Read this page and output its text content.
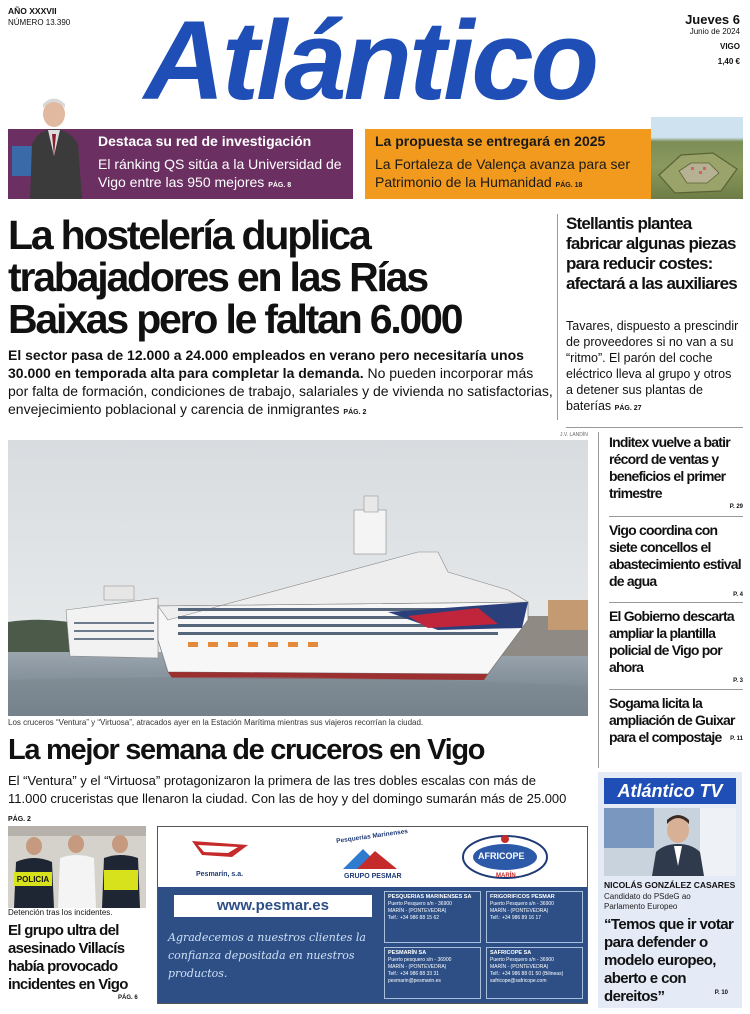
AÑO XXXVII
NÚMERO 13.390 Atlántico	Jueves 6
Junio de 2024
VIGO
1,40 €
Destaca su red de investigación
El ránking QS sitúa a la Universidad de Vigo entre las 950 mejores PÁG. 8
La propuesta se entregará en 2025
La Fortaleza de Valença avanza para ser Patrimonio de la Humanidad PÁG. 18
La hostelería duplica trabajadores en las Rías Baixas pero le faltan 6.000
El sector pasa de 12.000 a 24.000 empleados en verano pero necesitaría unos 30.000 en temporada alta para completar la demanda. No pueden incorporar más por falta de formación, condiciones de trabajo, salariales y de vivienda no satisfactorias, envejecimiento poblacional y carencia de inmigrantes PÁG. 2
Stellantis plantea fabricar algunas piezas para reducir costes: afectará a las auxiliares
Tavares, dispuesto a prescindir de proveedores si no van a su “ritmo”. El parón del coche eléctrico lleva al grupo y otros a detener sus plantas de baterías PÁG. 27
J.V. LANDÍN
Los cruceros “Ventura” y “Virtuosa”, atracados ayer en la Estación Marítima mientras sus viajeros recorrían la ciudad.
La mejor semana de cruceros en Vigo
El “Ventura” y el “Virtuosa” protagonizaron la primera de las tres dobles escalas con más de 11.000 cruceristas que llenaron la ciudad. Con las de hoy y del domingo sumarán más de 25.000 PÁG. 2
Inditex vuelve a batir récord de ventas y beneficios el primer trimestre
P. 29
Vigo coordina con siete concellos el abastecimiento estival de agua
P. 4
El Gobierno descarta ampliar la plantilla policial de Vigo por ahora
P. 3
Sogama licita la ampliación de Guixar para el compostaje	P. 11
Atlántico TV
NICOLÁS GONZÁLEZ CASARES
Candidato do PSdeG ao Parlamento Europeo
“Temos que ir votar para defender o modelo europeo, aberto e con dereitos”	P. 10
POLICIA
Detención tras los incidentes.
El grupo ultra del asesinado Villacís había provocado incidentes en Vigo
PÁG. 6
Pesmarín, s.a.
Pesquerías Marinenses
GRUPO PESMAR
AFRICOPE
MARÍN
www.pesmar.es
Agradecemos a nuestros clientes la confianza depositada en nuestros productos.
PESQUERIAS MARINENSES SA
Puerto Pesquero s/n - 36900
MARÍN - (PONTEVEDRA)
Telf.: +34 986 88 15 62
FRIGORIFICOS PESMAR
Puerto Pesquero s/n - 36900
MARÍN - (PONTEVEDRA)
Telf.: +34 986 89 16 17
PESMARÍN SA
Puerto pesquero s/n - 36900
MARÍN - (PONTEVEDRA)
Telf.: +34 986 88 33 31
pesmarin@pesmarin.es
SAFRICOPE SA
Puerto Pesquero s/n - 36900
MARÍN - (PONTEVEDRA)
Telf.: +34 986 88 01 50 (Bilineas)
safricope@safricope.com
